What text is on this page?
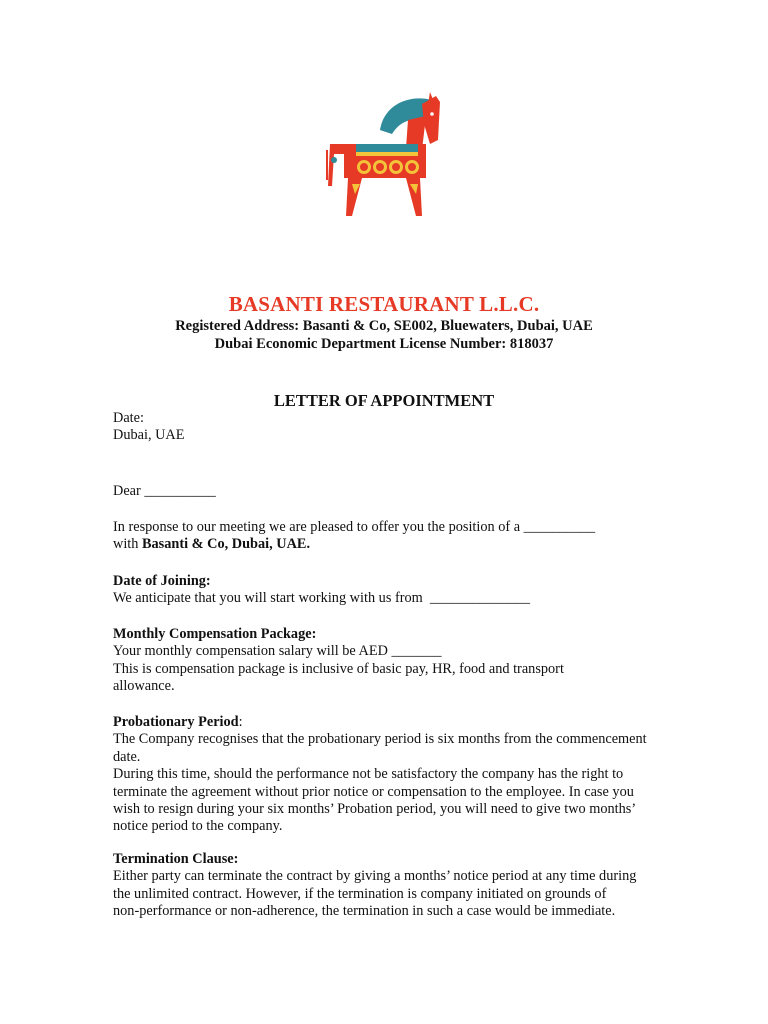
BASANTI RESTAURANT L.L.C.
Registered Address: Basanti & Co, SE002, Bluewaters, Dubai, UAE
Dubai Economic Department License Number: 818037
LETTER OF APPOINTMENT
Date:
Dubai, UAE
Dear __________
In response to our meeting we are pleased to offer you the position of a __________
with Basanti & Co, Dubai, UAE.
Date of Joining:
We anticipate that you will start working with us from  ______________
Monthly Compensation Package:
Your monthly compensation salary will be AED _______
This is compensation package is inclusive of basic pay, HR, food and transport
allowance.
Probationary Period:
The Company recognises that the probationary period is six months from the commencement
date.
During this time, should the performance not be satisfactory the company has the right to
terminate the agreement without prior notice or compensation to the employee. In case you
wish to resign during your six months’ Probation period, you will need to give two months’
notice period to the company.
Termination Clause:
Either party can terminate the contract by giving a months’ notice period at any time during
the unlimited contract. However, if the termination is company initiated on grounds of
non-performance or non-adherence, the termination in such a case would be immediate.
